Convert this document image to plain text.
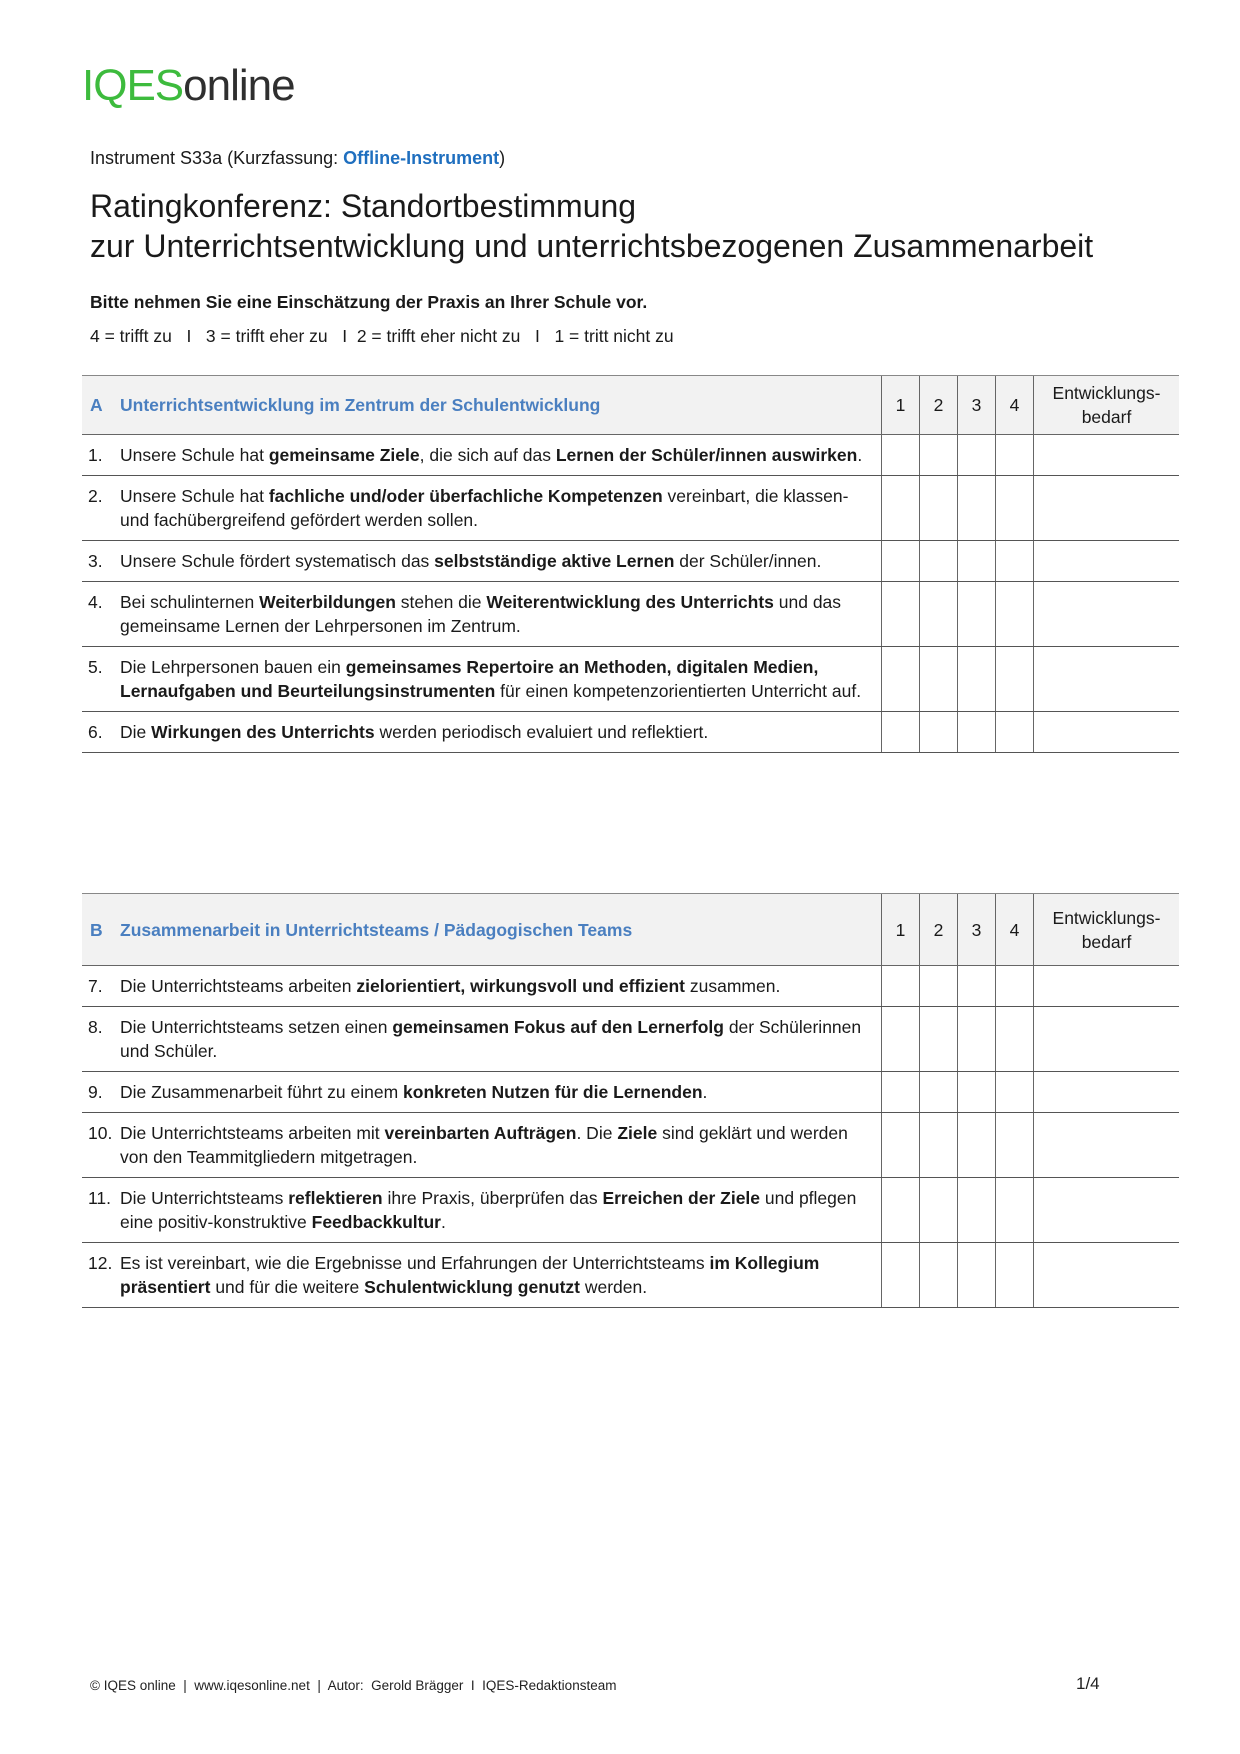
IQESonline
Instrument S33a (Kurzfassung: Offline-Instrument)
Ratingkonferenz: Standortbestimmung
zur Unterrichtsentwicklung und unterrichtsbezogenen Zusammenarbeit
Bitte nehmen Sie eine Einschätzung der Praxis an Ihrer Schule vor.
4 = trifft zu   I   3 = trifft eher zu   I  2 = trifft eher nicht zu   I   1 = tritt nicht zu
A	Unterrichtsentwicklung im Zentrum der Schulentwicklung	1	2	3	4	Entwicklungs-
bedarf
1.	Unsere Schule hat gemeinsame Ziele, die sich auf das Lernen der Schüler/innen auswirken.					
2.	Unsere Schule hat fachliche und/oder überfachliche Kompetenzen vereinbart, die klassen- und fachübergreifend gefördert werden sollen.					
3.	Unsere Schule fördert systematisch das selbstständige aktive Lernen der Schüler/innen.					
4.	Bei schulinternen Weiterbildungen stehen die Weiterentwicklung des Unterrichts und das gemeinsame Lernen der Lehrpersonen im Zentrum.					
5.	Die Lehrpersonen bauen ein gemeinsames Repertoire an Methoden, digitalen Medien, Lernaufgaben und Beurteilungsinstrumenten für einen kompetenzorientierten Unterricht auf.					
6.	Die Wirkungen des Unterrichts werden periodisch evaluiert und reflektiert.					
B	Zusammenarbeit in Unterrichtsteams / Pädagogischen Teams	1	2	3	4	Entwicklungs-
bedarf
7.	Die Unterrichtsteams arbeiten zielorientiert, wirkungsvoll und effizient zusammen.					
8.	Die Unterrichtsteams setzen einen gemeinsamen Fokus auf den Lernerfolg der Schülerinnen und Schüler.					
9.	Die Zusammenarbeit führt zu einem konkreten Nutzen für die Lernenden.					
10.	Die Unterrichtsteams arbeiten mit vereinbarten Aufträgen. Die Ziele sind geklärt und werden von den Teammitgliedern mitgetragen.					
11.	Die Unterrichtsteams reflektieren ihre Praxis, überprüfen das Erreichen der Ziele und pflegen eine positiv-konstruktive Feedbackkultur.					
12.	Es ist vereinbart, wie die Ergebnisse und Erfahrungen der Unterrichtsteams im Kollegium präsentiert und für die weitere Schulentwicklung genutzt werden.					
© IQES online  |  www.iqesonline.net  |  Autor:  Gerold Brägger  I  IQES-Redaktionsteam	1/4
